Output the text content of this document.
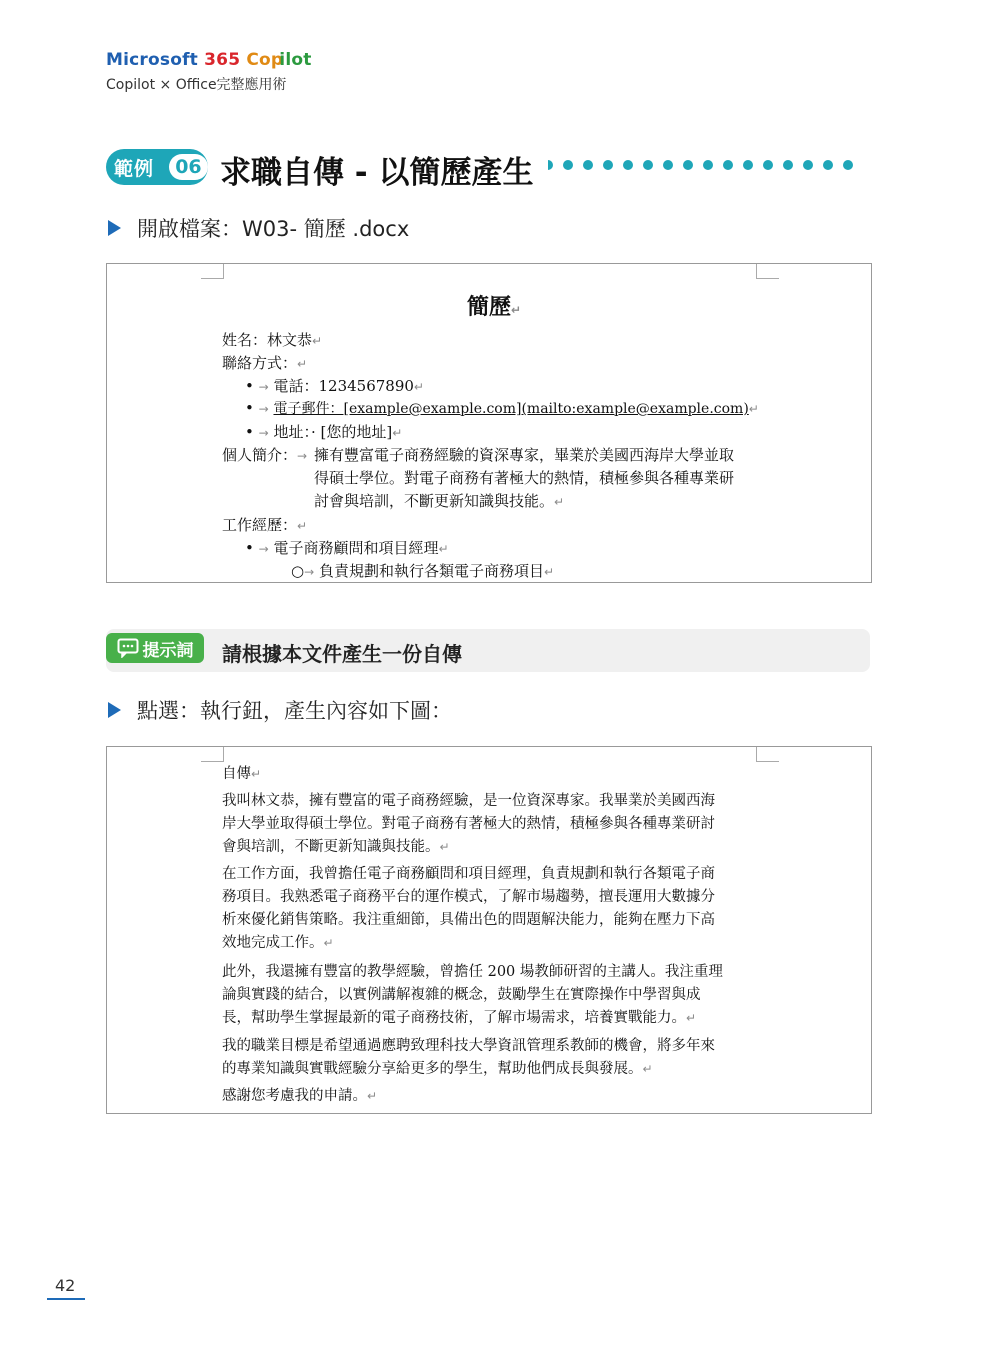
Microsoft 365 Copilot
Copilot × Office完整應用術
範例	06 求職自傳 - 以簡歷產生
開啟檔案：W03- 簡歷 .docx
簡歷↵
姓名：林文恭↵
聯絡方式：↵
• → 電話：1234567890↵
• → 電子郵件：[example@example.com](mailto:example@example.com)↵
• → 地址：· [您的地址]↵
個人簡介：→ 擁有豐富電子商務經驗的資深專家，畢業於美國西海岸大學並取
得碩士學位。對電子商務有著極大的熱情，積極參與各種專業研
討會與培訓，不斷更新知識與技能。↵
工作經歷：↵
• → 電子商務顧問和項目經理↵
○→ 負責規劃和執行各類電子商務項目↵
提示詞 請根據本文件產生一份自傳
點選：執行鈕，產生內容如下圖：
自傳↵
我叫林文恭，擁有豐富的電子商務經驗，是一位資深專家。我畢業於美國西海
岸大學並取得碩士學位。對電子商務有著極大的熱情，積極參與各種專業研討
會與培訓，不斷更新知識與技能。↵
在工作方面，我曾擔任電子商務顧問和項目經理，負責規劃和執行各類電子商
務項目。我熟悉電子商務平台的運作模式，了解市場趨勢，擅長運用大數據分
析來優化銷售策略。我注重細節，具備出色的問題解決能力，能夠在壓力下高
效地完成工作。↵
此外，我還擁有豐富的教學經驗，曾擔任 200 場教師研習的主講人。我注重理
論與實踐的結合，以實例講解複雜的概念，鼓勵學生在實際操作中學習與成
長，幫助學生掌握最新的電子商務技術，了解市場需求，培養實戰能力。↵
我的職業目標是希望通過應聘致理科技大學資訊管理系教師的機會，將多年來
的專業知識與實戰經驗分享給更多的學生，幫助他們成長與發展。↵
感謝您考慮我的申請。↵
42
